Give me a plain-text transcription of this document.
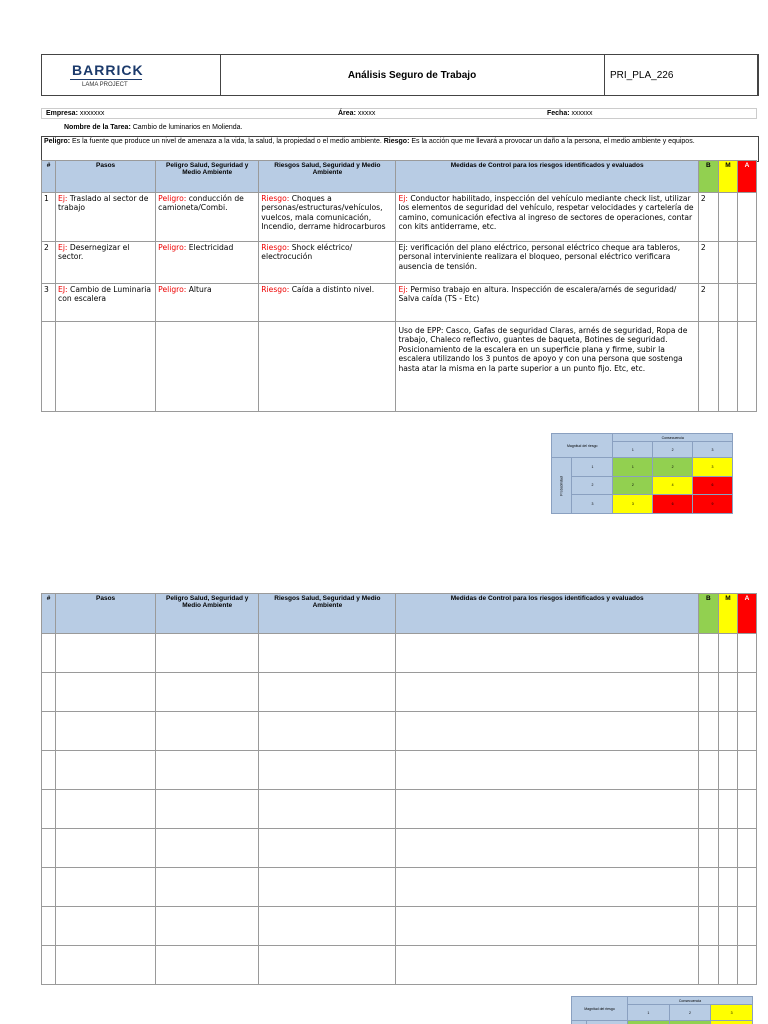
BARRICK
LAMA PROJECT
Análisis Seguro de Trabajo	PRI_PLA_226
Empresa: xxxxxxx	Área: xxxxx	Fecha: xxxxxx
Nombre de la Tarea: Cambio de luminarios en Molienda.
Peligro: Es la fuente que produce un nivel de amenaza a la vida, la salud, la propiedad o el medio ambiente. Riesgo: Es la acción que me llevará a provocar un daño a la persona, el medio ambiente y equipos.
#	Pasos	Peligro Salud, Seguridad y Medio Ambiente	Riesgos Salud, Seguridad y Medio Ambiente	Medidas de Control para los riesgos identificados y evaluados	B	M	A
1	Ej: Traslado al sector de trabajo	Peligro: conducción de camioneta/Combi.	Riesgo: Choques a personas/estructuras/vehículos, vuelcos, mala comunicación, Incendio, derrame hidrocarburos	Ej: Conductor habilitado, inspección del vehículo mediante check list, utilizar los elementos de seguridad del vehículo, respetar velocidades y cartelería de camino, comunicación efectiva al ingreso de sectores de operaciones, contar con kits antiderrame, etc.	2		
2	Ej: Desernegizar el sector.	Peligro: Electricidad	Riesgo: Shock eléctrico/ electrocución	Ej: verificación del plano eléctrico, personal eléctrico cheque ara tableros, personal interviniente realizara el bloqueo, personal eléctrico verificara ausencia de tensión.	2		
3	EJ: Cambio de Luminaria con escalera	Peligro: Altura	Riesgo: Caída a distinto nivel.	Ej: Permiso trabajo en altura. Inspección de escalera/arnés de seguridad/ Salva caída (TS - Etc)	2		
				Uso de EPP: Casco, Gafas de seguridad Claras, arnés de seguridad, Ropa de trabajo, Chaleco reflectivo, guantes de baqueta, Botines de seguridad. Posicionamiento de la escalera en un superficie plana y firme, subir la escalera utilizando los 3 puntos de apoyo y con una persona que sostenga hasta atar la misma en la parte superior a un punto fijo. Etc, etc.			
Magnitud del riesgo		Consecuencia		
		1	2	3
Probabilidad	1	1	2	3
	2	2	4	6
	3	3	6	9
#	Pasos	Peligro Salud, Seguridad y Medio Ambiente	Riesgos Salud, Seguridad y Medio Ambiente	Medidas de Control para los riesgos identificados y evaluados	B	M	A

Magnitud del riesgo		Consecuencia		
		1	2	3
